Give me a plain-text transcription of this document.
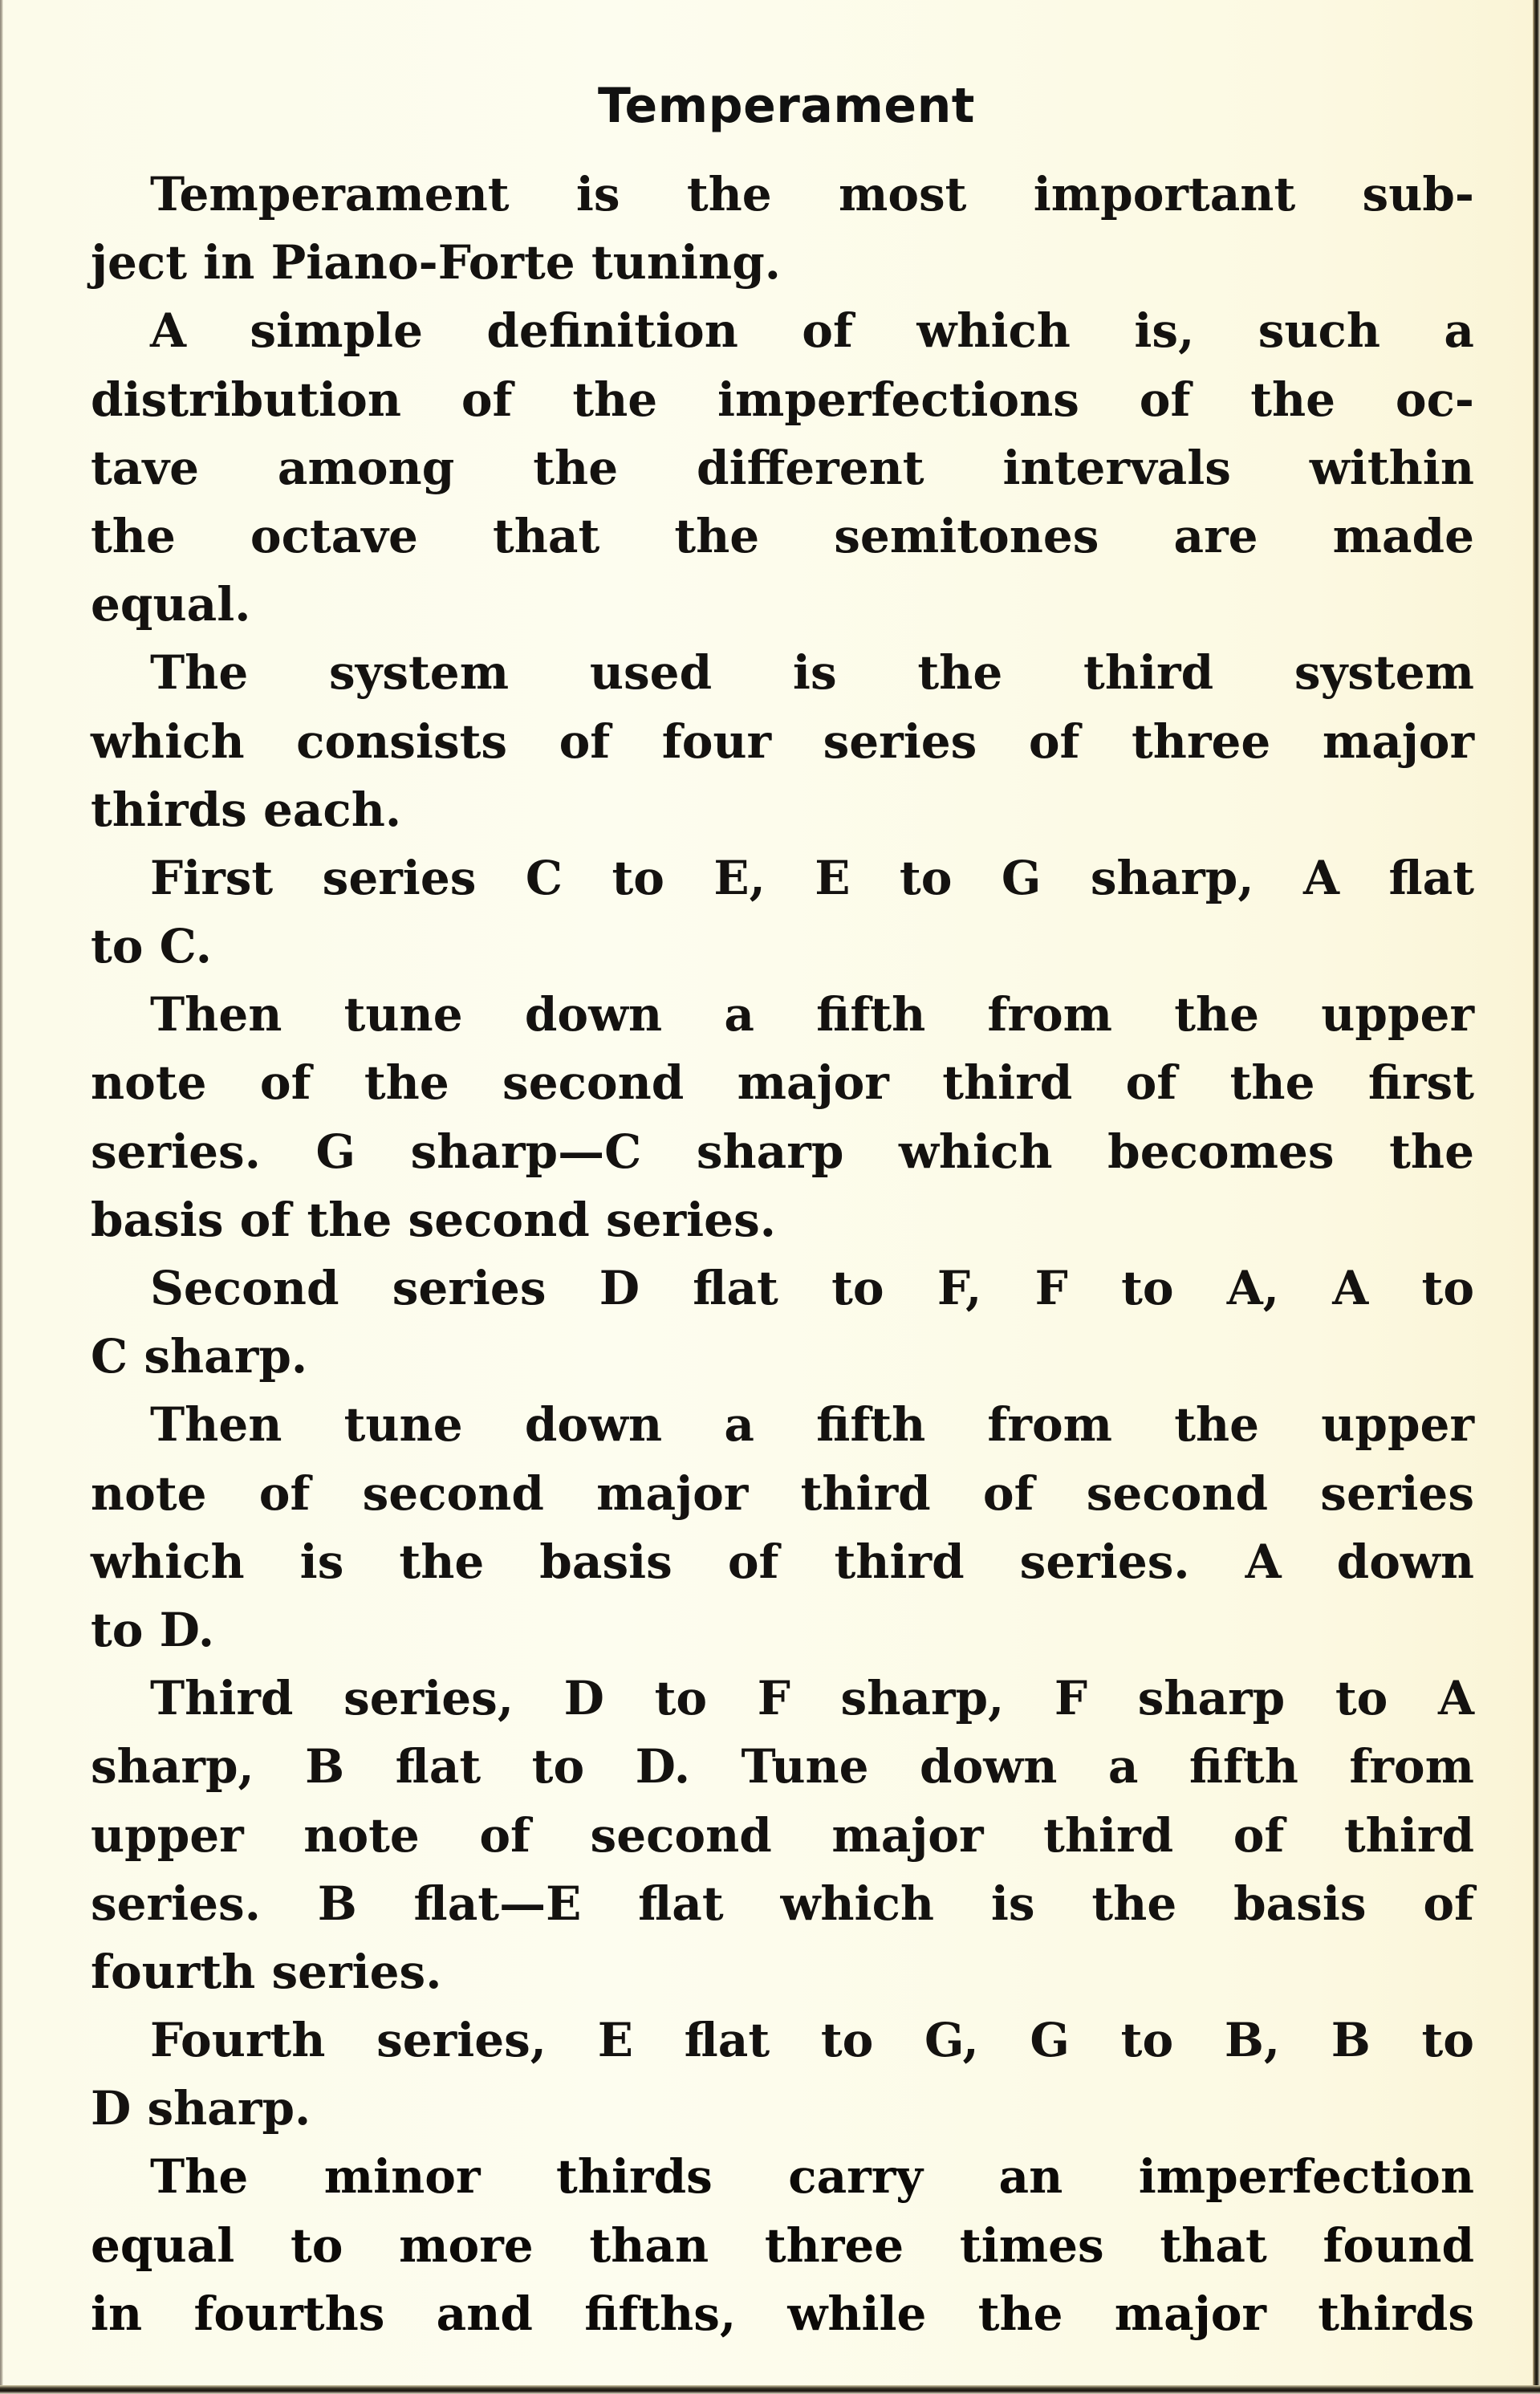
Temperament
Temperament is the most important sub-
ject in Piano-Forte tuning.
A simple definition of which is, such a
distribution of the imperfections of the oc-
tave among the different intervals within
the octave that the semitones are made
equal.
The system used is the third system
which consists of four series of three major
thirds each.
First series C to E, E to G sharp, A flat
to C.
Then tune down a fifth from the upper
note of the second major third of the first
series. G sharp—C sharp which becomes the
basis of the second series.
Second series D flat to F, F to A, A to
C sharp.
Then tune down a fifth from the upper
note of second major third of second series
which is the basis of third series. A down
to D.
Third series, D to F sharp, F sharp to A
sharp, B flat to D. Tune down a fifth from
upper note of second major third of third
series. B flat—E flat which is the basis of
fourth series.
Fourth series, E flat to G, G to B, B to
D sharp.
The minor thirds carry an imperfection
equal to more than three times that found
in fourths and fifths, while the major thirds
